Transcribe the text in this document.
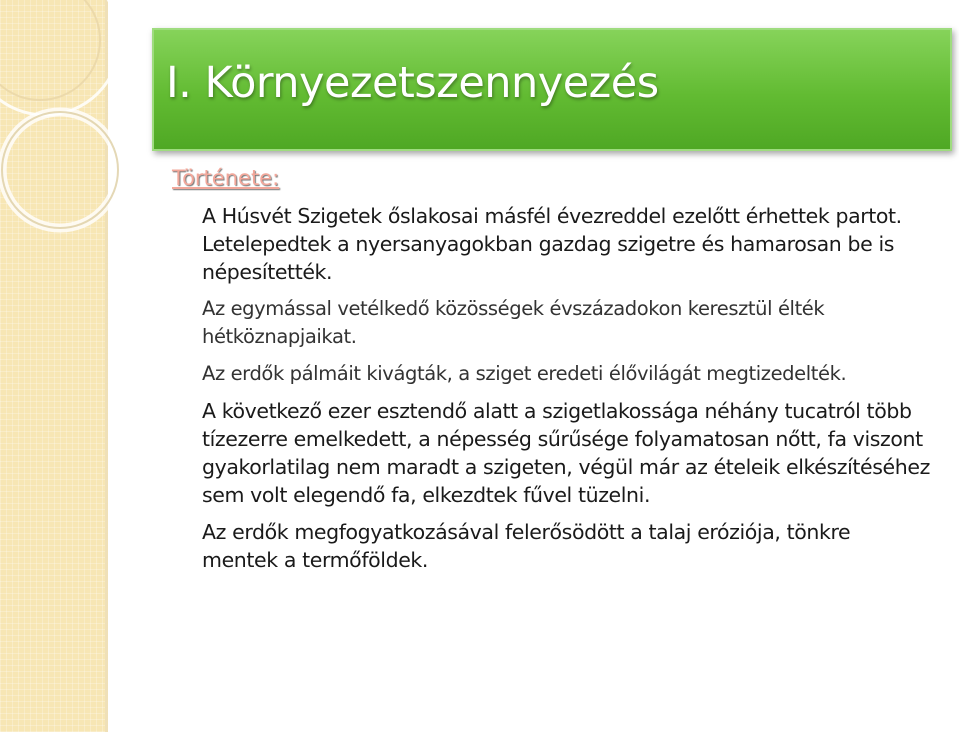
I. Környezetszennyezés
Története:

A Húsvét Szigetek őslakosai másfél évezreddel ezelőtt érhettek partot. Letelepedtek a nyersanyagokban gazdag szigetre és hamarosan be is népesítették.

Az egymással vetélkedő közösségek évszázadokon keresztül élték hétköznapjaikat.

Az erdők pálmáit kivágták, a sziget eredeti élővilágát megtizedelték.

A következő ezer esztendő alatt a szigetlakossága néhány tucatról több tízezerre emelkedett, a népesség sűrűsége folyamatosan nőtt, fa viszont gyakorlatilag nem maradt a szigeten, végül már az ételeik elkészítéséhez sem volt elegendő fa, elkezdtek fűvel tüzelni.

Az erdők megfogyatkozásával felerősödött a talaj eróziója, tönkre mentek a termőföldek.
